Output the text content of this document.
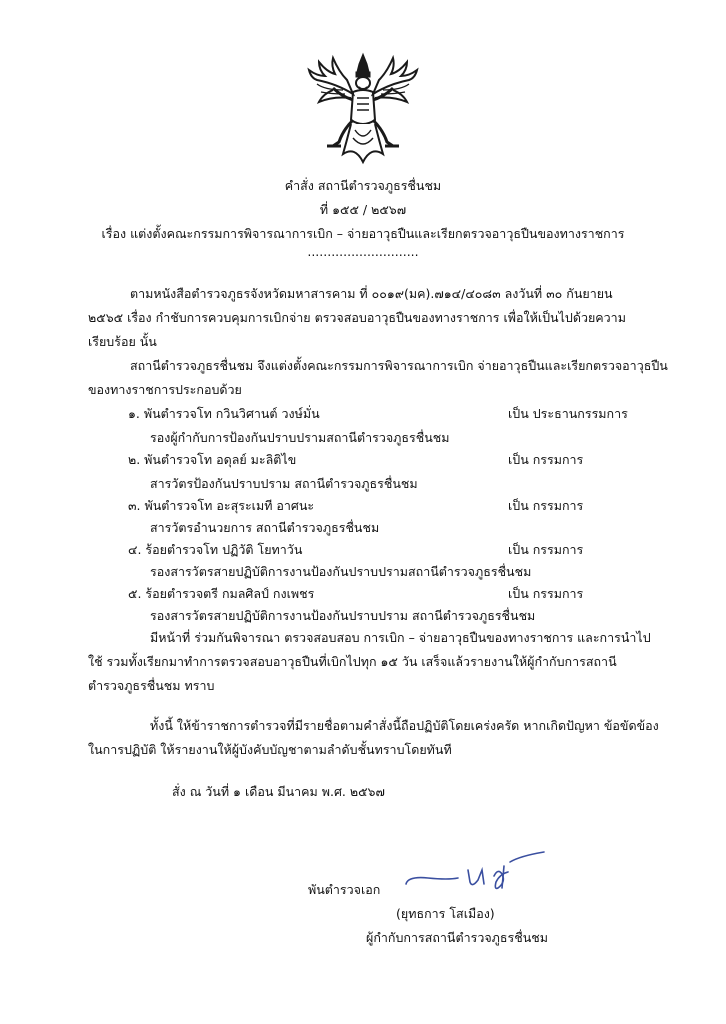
คำสั่ง สถานีตำรวจภูธรชื่นชม
ที่ ๑๕๕ / ๒๕๖๗
เรื่อง แต่งตั้งคณะกรรมการพิจารณาการเบิก – จ่ายอาวุธปืนและเรียกตรวจอาวุธปืนของทางราชการ
............................
ตามหนังสือตำรวจภูธรจังหวัดมหาสารคาม ที่ ๐๐๑๙(มค).๗๑๔/๔๐๘๓ ลงวันที่ ๓๐ กันยายน
๒๕๖๕ เรื่อง กำชับการควบคุมการเบิกจ่าย ตรวจสอบอาวุธปืนของทางราชการ เพื่อให้เป็นไปด้วยความ
เรียบร้อย นั้น
สถานีตำรวจภูธรชื่นชม จึงแต่งตั้งคณะกรรมการพิจารณาการเบิก จ่ายอาวุธปืนและเรียกตรวจอาวุธปืน
ของทางราชการประกอบด้วย
๑. พันตำรวจโท กวินวิศานต์ วงษ์มั่น	เป็น ประธานกรรมการ
รองผู้กำกับการป้องกันปราบปรามสถานีตำรวจภูธรชื่นชม
๒. พันตำรวจโท อดุลย์ มะลิติไข	เป็น กรรมการ
สารวัตรป้องกันปราบปราม สถานีตำรวจภูธรชื่นชม
๓. พันตำรวจโท อะสุระเมที อาศนะ	เป็น กรรมการ
สารวัตรอำนวยการ สถานีตำรวจภูธรชื่นชม
๔. ร้อยตำรวจโท ปฏิวัติ โยทาวัน	เป็น กรรมการ
รองสารวัตรสายปฏิบัติการงานป้องกันปราบปรามสถานีตำรวจภูธรชื่นชม
๕. ร้อยตำรวจตรี กมลศิลป์ กงเพชร	เป็น กรรมการ
รองสารวัตรสายปฏิบัติการงานป้องกันปราบปราม สถานีตำรวจภูธรชื่นชม
มีหน้าที่ ร่วมกันพิจารณา ตรวจสอบสอบ การเบิก – จ่ายอาวุธปืนของทางราชการ และการนำไป
ใช้ รวมทั้งเรียกมาทำการตรวจสอบอาวุธปืนที่เบิกไปทุก ๑๕ วัน เสร็จแล้วรายงานให้ผู้กำกับการสถานี
ตำรวจภูธรชื่นชม ทราบ
ทั้งนี้ ให้ข้าราชการตำรวจที่มีรายชื่อตามคำสั่งนี้ถือปฏิบัติโดยเคร่งครัด หากเกิดปัญหา ข้อขัดข้อง
ในการปฏิบัติ ให้รายงานให้ผู้บังคับบัญชาตามลำดับชั้นทราบโดยทันที
สั่ง ณ วันที่ ๑ เดือน มีนาคม พ.ศ. ๒๕๖๗
พันตำรวจเอก
(ยุทธการ โสเมือง)
ผู้กำกับการสถานีตำรวจภูธรชื่นชม
